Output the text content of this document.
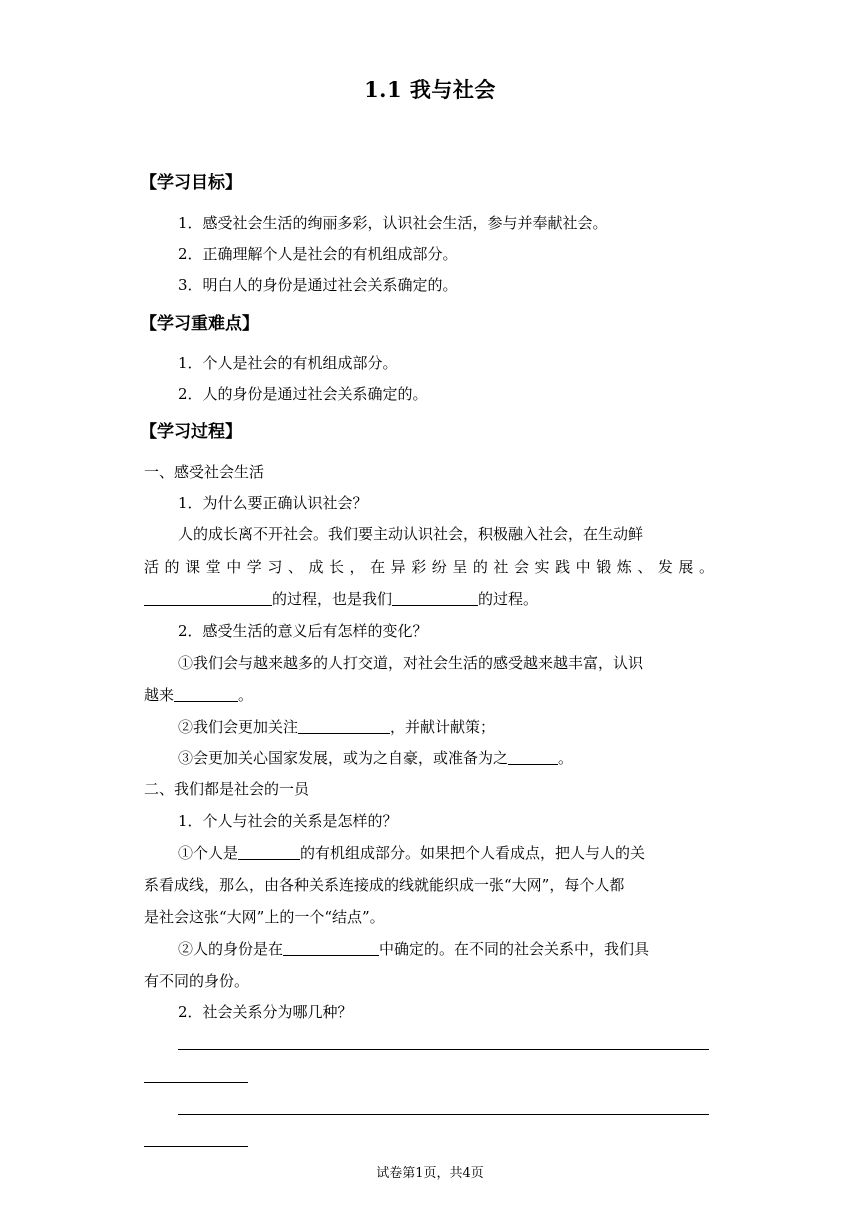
1.1 我与社会
【学习目标】
1．感受社会生活的绚丽多彩，认识社会生活，参与并奉献社会。
2．正确理解个人是社会的有机组成部分。
3．明白人的身份是通过社会关系确定的。
【学习重难点】
1．个人是社会的有机组成部分。
2．人的身份是通过社会关系确定的。
【学习过程】
一、感受社会生活
1．为什么要正确认识社会？
人的成长离不开社会。我们要主动认识社会，积极融入社会，在生动鲜
活的课堂中学习、成长，在异彩纷呈的社会实践中锻炼、发展。
的过程，也是我们	的过程。
2．感受生活的意义后有怎样的变化？
①我们会与越来越多的人打交道，对社会生活的感受越来越丰富，认识
越来	。
②我们会更加关注	，并献计献策；
③会更加关心国家发展，或为之自豪，或准备为之	。
二、我们都是社会的一员
1．个人与社会的关系是怎样的？
①个人是	的有机组成部分。如果把个人看成点，把人与人的关
系看成线，那么，由各种关系连接成的线就能织成一张“大网”，每个人都
是社会这张“大网”上的一个“结点”。
②人的身份是在	中确定的。在不同的社会关系中，我们具
有不同的身份。
2．社会关系分为哪几种？
试卷第1页，共4页
